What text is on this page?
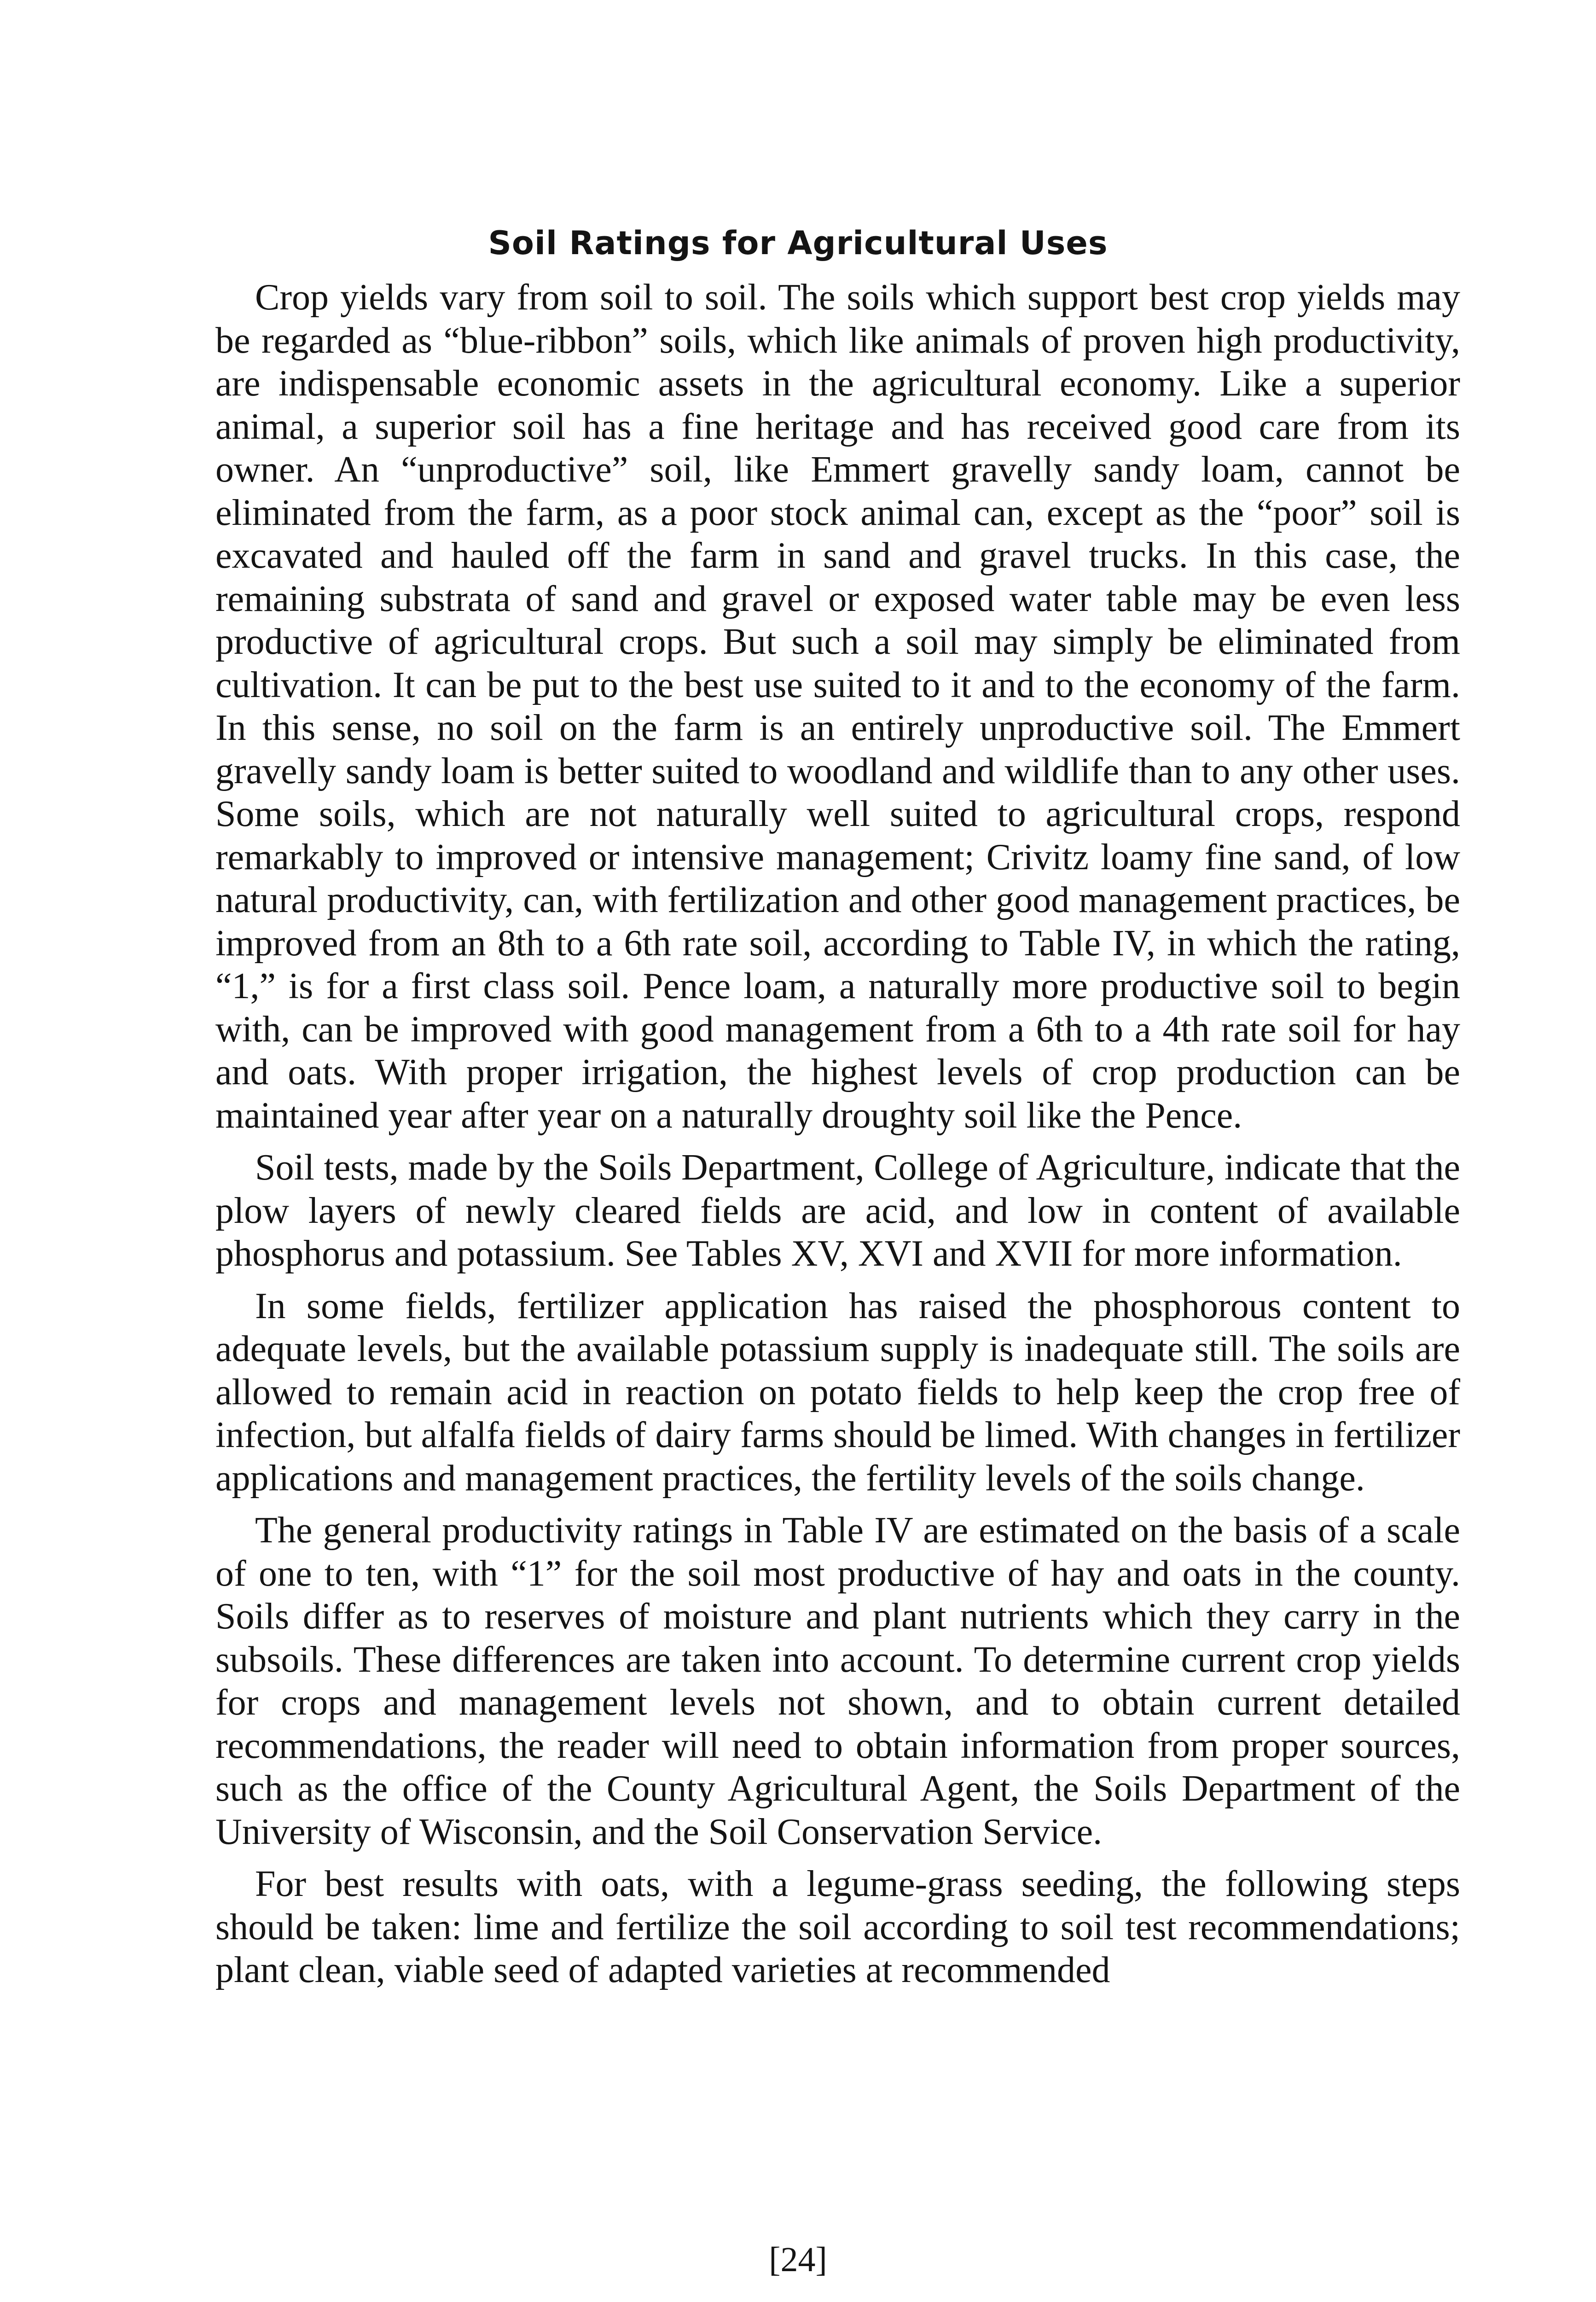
Soil Ratings for Agricultural Uses

Crop yields vary from soil to soil. The soils which support best crop yields may be regarded as “blue-ribbon” soils, which like animals of proven high productivity, are indispensable economic assets in the agricultural economy. Like a superior animal, a superior soil has a fine heritage and has received good care from its owner. An “unproductive” soil, like Emmert gravelly sandy loam, cannot be eliminated from the farm, as a poor stock animal can, except as the “poor” soil is excavated and hauled off the farm in sand and gravel trucks. In this case, the remaining substrata of sand and gravel or exposed water table may be even less productive of agricultural crops. But such a soil may simply be eliminated from cultivation. It can be put to the best use suited to it and to the economy of the farm. In this sense, no soil on the farm is an entirely unproductive soil. The Emmert gravelly sandy loam is better suited to woodland and wildlife than to any other uses. Some soils, which are not naturally well suited to agricultural crops, respond remarkably to improved or intensive management; Crivitz loamy fine sand, of low natural productivity, can, with fertilization and other good management practices, be improved from an 8th to a 6th rate soil, according to Table IV, in which the rating, “1,” is for a first class soil. Pence loam, a naturally more productive soil to begin with, can be improved with good management from a 6th to a 4th rate soil for hay and oats. With proper irrigation, the highest levels of crop production can be maintained year after year on a naturally droughty soil like the Pence.

Soil tests, made by the Soils Department, College of Agriculture, indicate that the plow layers of newly cleared fields are acid, and low in content of available phosphorus and potassium. See Tables XV, XVI and XVII for more information.

In some fields, fertilizer application has raised the phosphorous content to adequate levels, but the available potassium supply is inadequate still. The soils are allowed to remain acid in reaction on potato fields to help keep the crop free of infection, but alfalfa fields of dairy farms should be limed. With changes in fertilizer applications and management practices, the fertility levels of the soils change.

The general productivity ratings in Table IV are estimated on the basis of a scale of one to ten, with “1” for the soil most productive of hay and oats in the county. Soils differ as to reserves of moisture and plant nutrients which they carry in the subsoils. These differences are taken into account. To determine current crop yields for crops and management levels not shown, and to obtain current detailed recommendations, the reader will need to obtain information from proper sources, such as the office of the County Agricultural Agent, the Soils Department of the University of Wisconsin, and the Soil Conservation Service.

For best results with oats, with a legume-grass seeding, the following steps should be taken: lime and fertilize the soil according to soil test recommendations; plant clean, viable seed of adapted varieties at recommended

[24]
